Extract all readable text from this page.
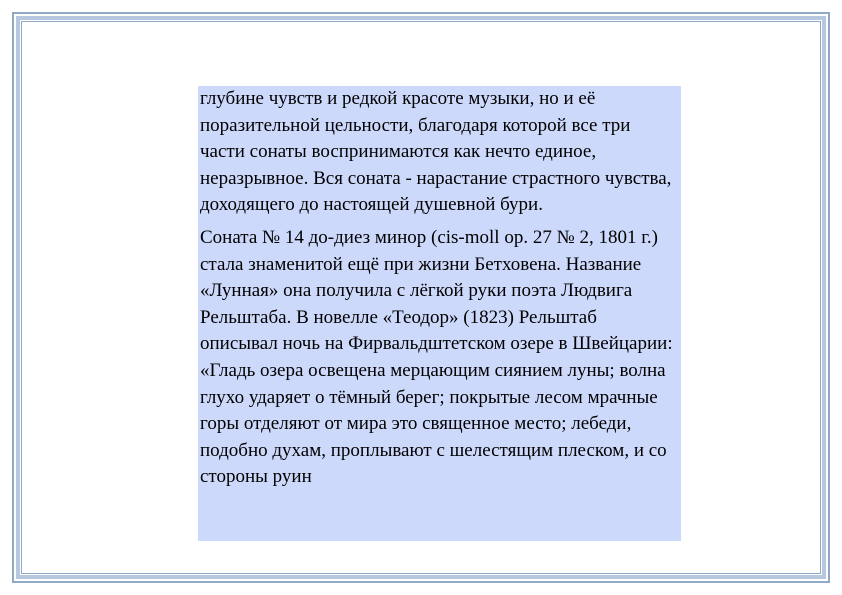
глубине чувств и редкой красоте музыки, но и её поразительной цельности, благодаря которой все три части сонаты воспринимаются как нечто единое, неразрывное. Вся соната - нарастание страстного чувства, доходящего до настоящей душевной бури.

Соната № 14 до-диез минор (cis-moll op. 27 № 2, 1801 г.) стала знаменитой ещё при жизни Бетховена. Название «Лунная» она получила с лёгкой руки поэта Людвига Рельштаба. В новелле «Теодор» (1823) Рельштаб описывал ночь на Фирвальдштетском озере в Швейцарии: «Гладь озера освещена мерцающим сиянием луны; волна глухо ударяет о тёмный берег; покрытые лесом мрачные горы отделяют от мира это священное место; лебеди, подобно духам, проплывают с шелестящим плеском, и со стороны руин
